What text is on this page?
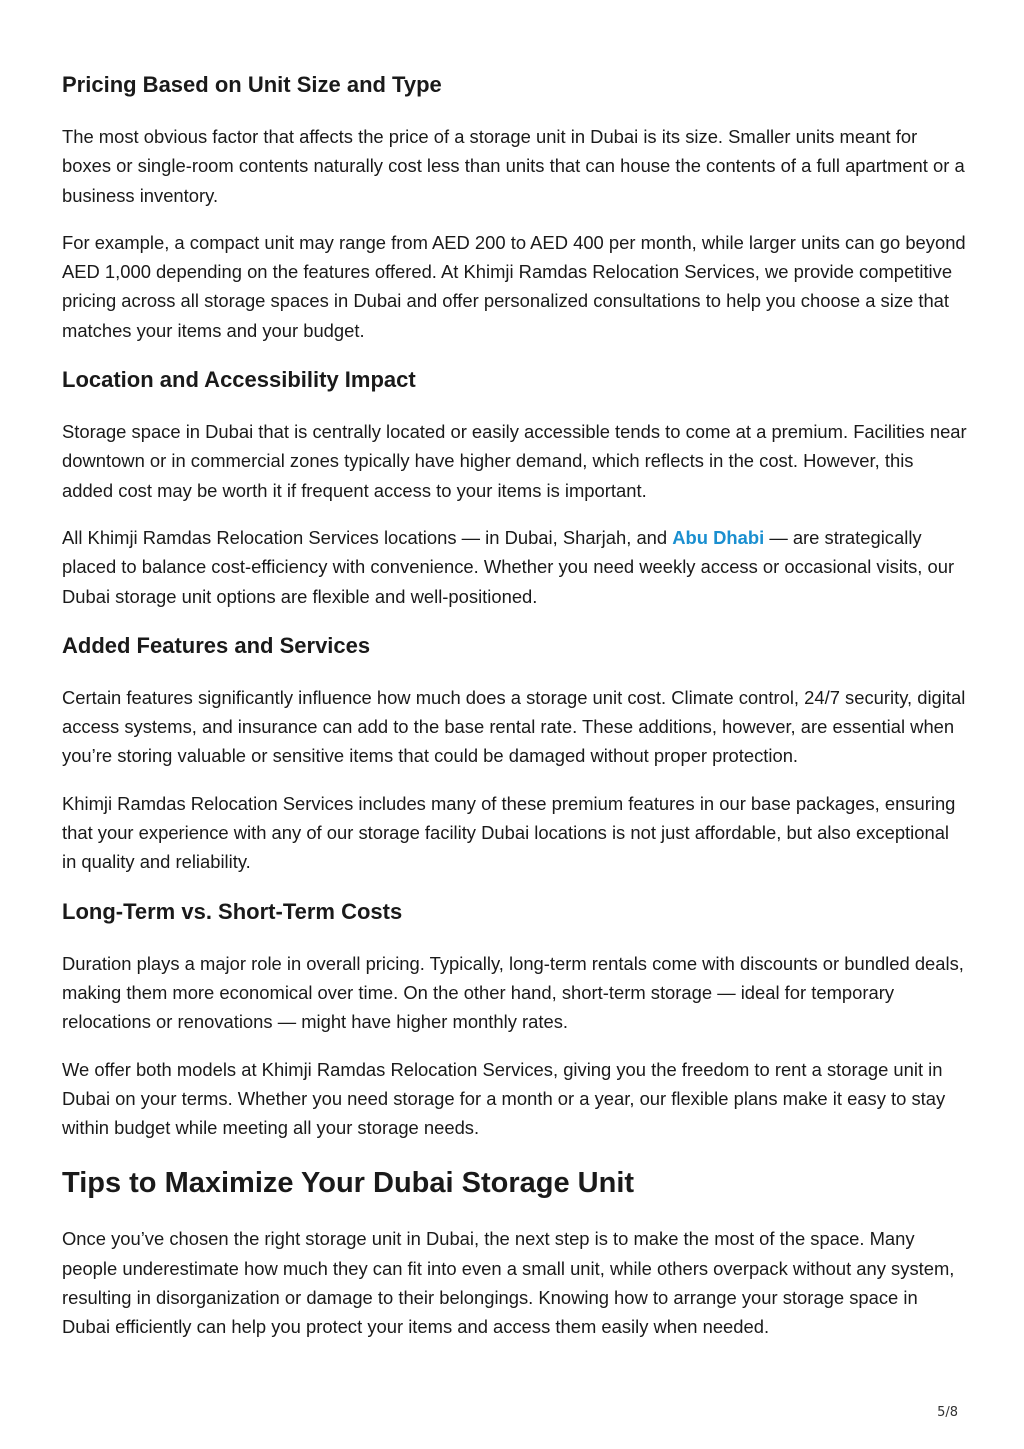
Pricing Based on Unit Size and Type

The most obvious factor that affects the price of a storage unit in Dubai is its size. Smaller units meant for boxes or single-room contents naturally cost less than units that can house the contents of a full apartment or a business inventory.

For example, a compact unit may range from AED 200 to AED 400 per month, while larger units can go beyond AED 1,000 depending on the features offered. At Khimji Ramdas Relocation Services, we provide competitive pricing across all storage spaces in Dubai and offer personalized consultations to help you choose a size that matches your items and your budget.

Location and Accessibility Impact

Storage space in Dubai that is centrally located or easily accessible tends to come at a premium. Facilities near downtown or in commercial zones typically have higher demand, which reflects in the cost. However, this added cost may be worth it if frequent access to your items is important.

All Khimji Ramdas Relocation Services locations — in Dubai, Sharjah, and Abu Dhabi — are strategically placed to balance cost-efficiency with convenience. Whether you need weekly access or occasional visits, our Dubai storage unit options are flexible and well-positioned.

Added Features and Services

Certain features significantly influence how much does a storage unit cost. Climate control, 24/7 security, digital access systems, and insurance can add to the base rental rate. These additions, however, are essential when you’re storing valuable or sensitive items that could be damaged without proper protection.

Khimji Ramdas Relocation Services includes many of these premium features in our base packages, ensuring that your experience with any of our storage facility Dubai locations is not just affordable, but also exceptional in quality and reliability.

Long-Term vs. Short-Term Costs

Duration plays a major role in overall pricing. Typically, long-term rentals come with discounts or bundled deals, making them more economical over time. On the other hand, short-term storage — ideal for temporary relocations or renovations — might have higher monthly rates.

We offer both models at Khimji Ramdas Relocation Services, giving you the freedom to rent a storage unit in Dubai on your terms. Whether you need storage for a month or a year, our flexible plans make it easy to stay within budget while meeting all your storage needs.

Tips to Maximize Your Dubai Storage Unit

Once you’ve chosen the right storage unit in Dubai, the next step is to make the most of the space. Many people underestimate how much they can fit into even a small unit, while others overpack without any system, resulting in disorganization or damage to their belongings. Knowing how to arrange your storage space in Dubai efficiently can help you protect your items and access them easily when needed.

5/8
